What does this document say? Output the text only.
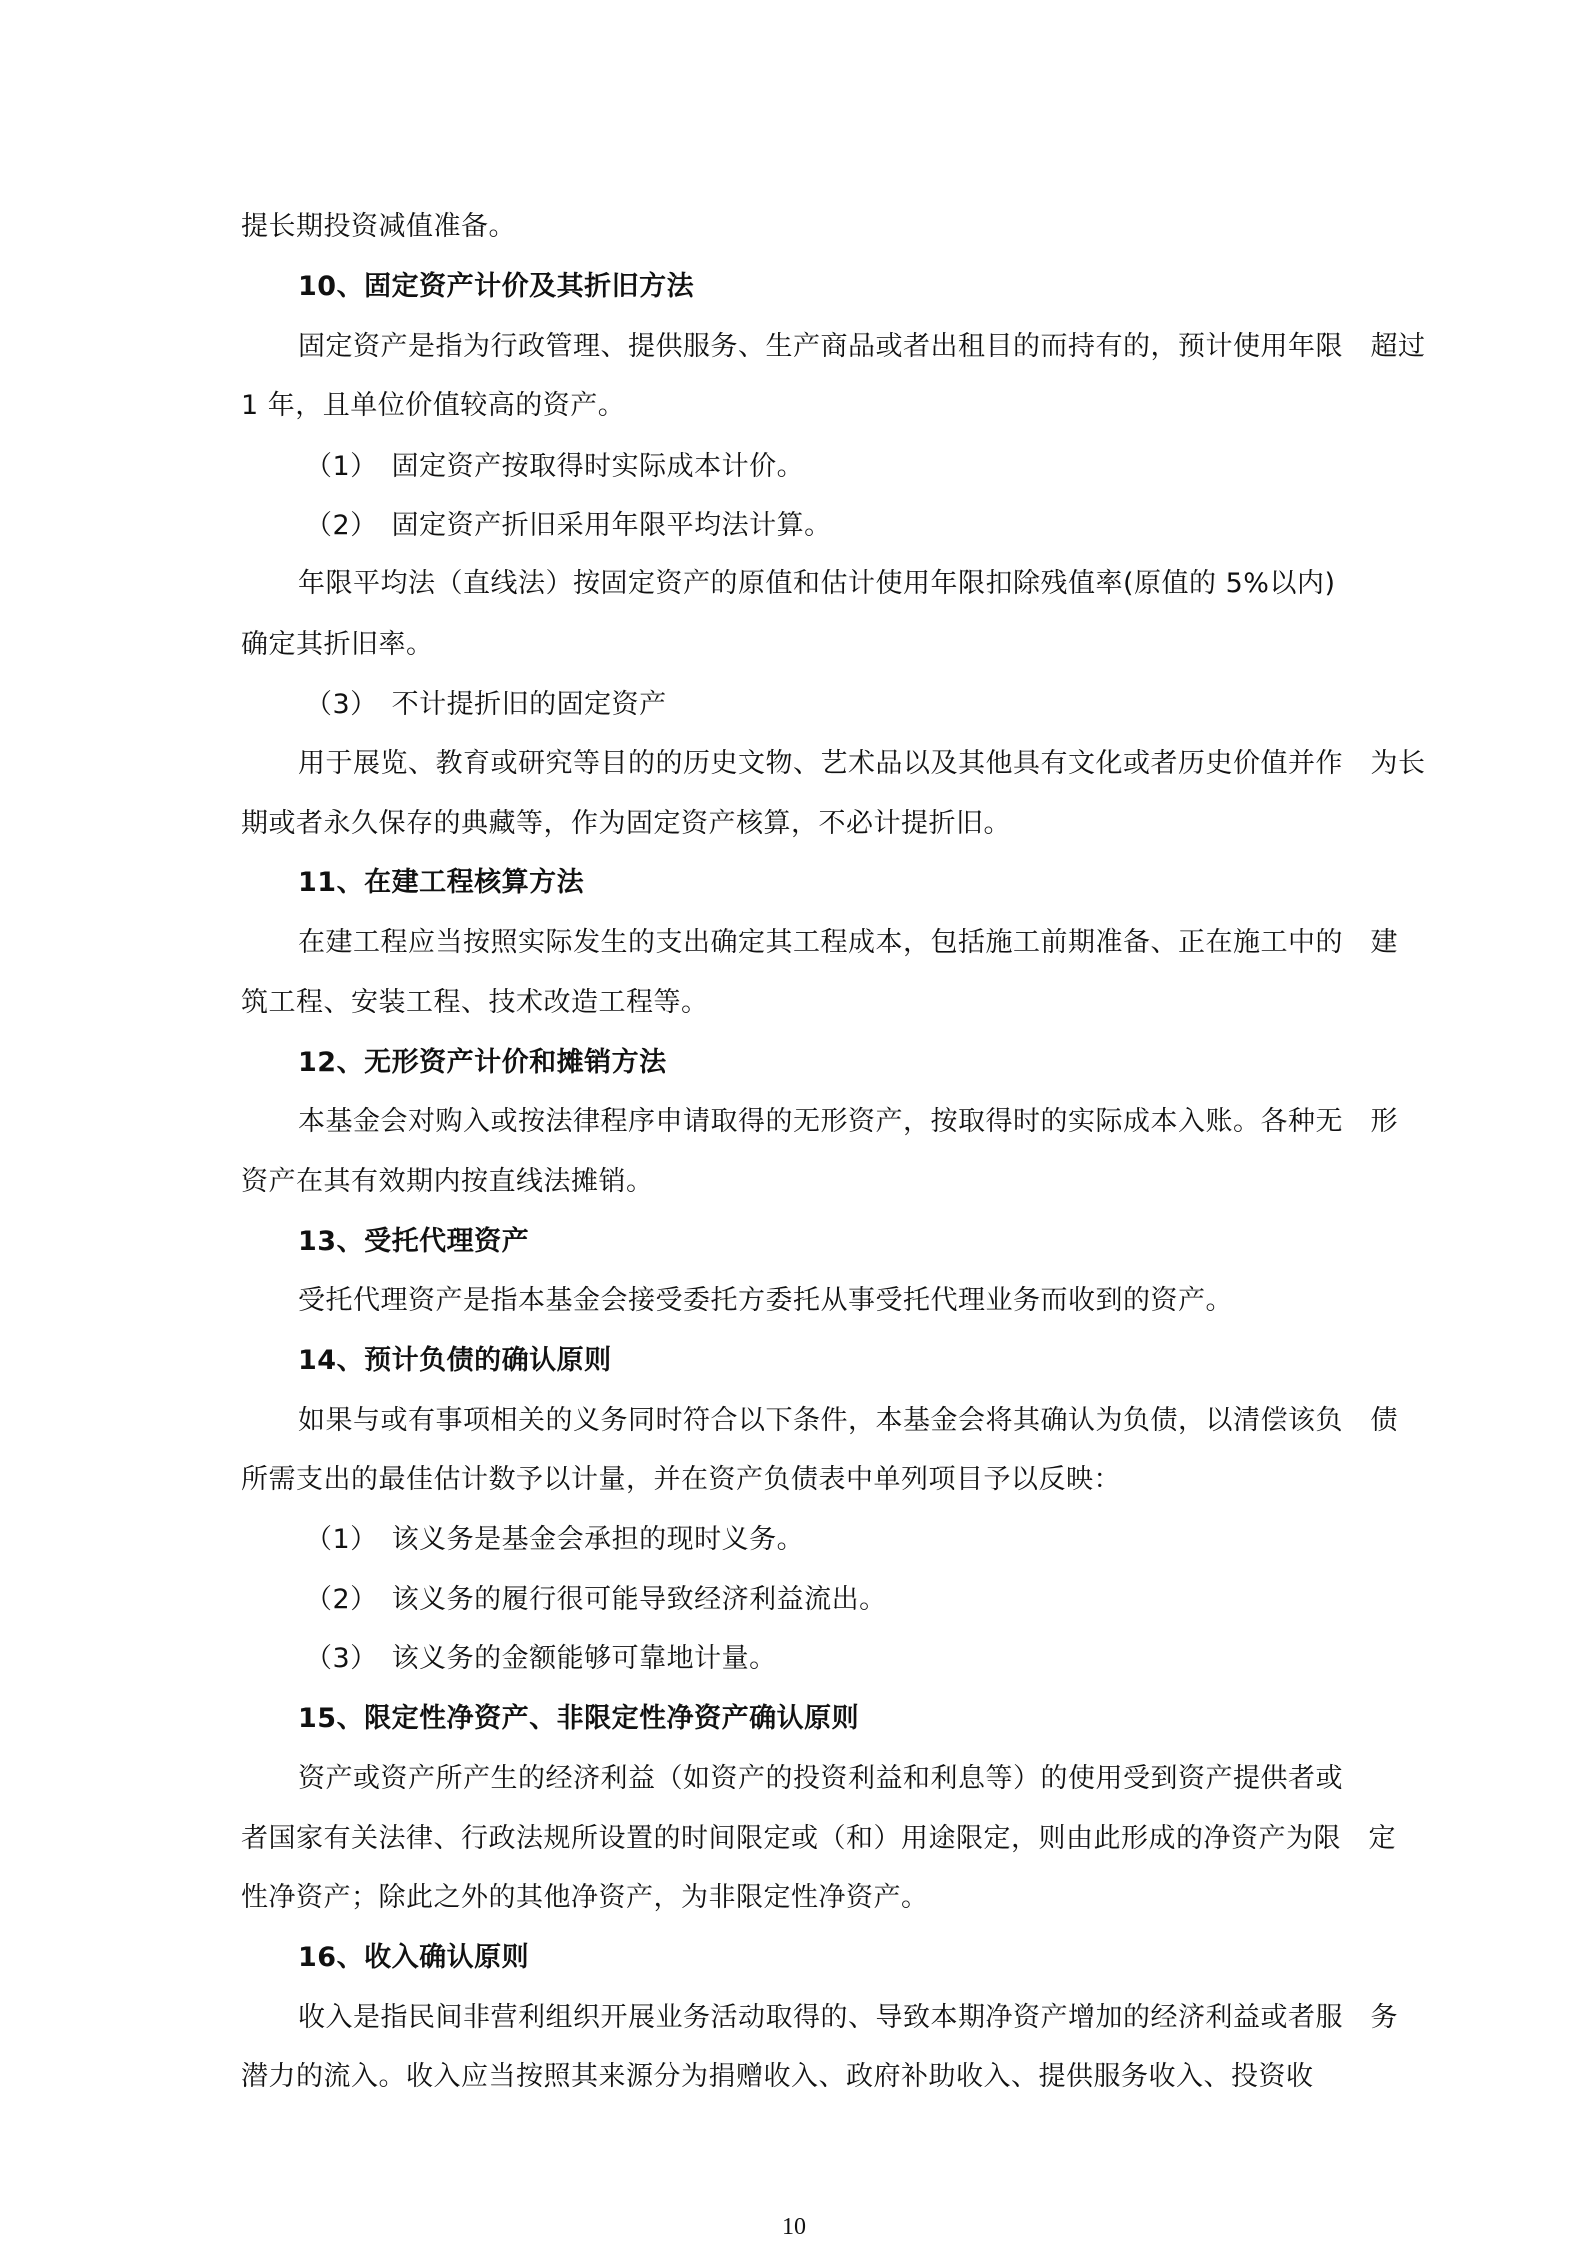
提长期投资减值准备。
10、固定资产计价及其折旧方法
固定资产是指为行政管理、提供服务、生产商品或者出租目的而持有的，预计使用年限　超过
1 年，且单位价值较高的资产。
（1）　固定资产按取得时实际成本计价。
（2）　固定资产折旧采用年限平均法计算。
年限平均法（直线法）按固定资产的原值和估计使用年限扣除残值率(原值的 5%以内)
确定其折旧率。
（3）　不计提折旧的固定资产
用于展览、教育或研究等目的的历史文物、艺术品以及其他具有文化或者历史价值并作　为长
期或者永久保存的典藏等，作为固定资产核算，不必计提折旧。
11、在建工程核算方法
在建工程应当按照实际发生的支出确定其工程成本，包括施工前期准备、正在施工中的　建
筑工程、安装工程、技术改造工程等。
12、无形资产计价和摊销方法
本基金会对购入或按法律程序申请取得的无形资产，按取得时的实际成本入账。各种无　形
资产在其有效期内按直线法摊销。
13、受托代理资产
受托代理资产是指本基金会接受委托方委托从事受托代理业务而收到的资产。
14、预计负债的确认原则
如果与或有事项相关的义务同时符合以下条件，本基金会将其确认为负债，以清偿该负　债
所需支出的最佳估计数予以计量，并在资产负债表中单列项目予以反映：
（1）　该义务是基金会承担的现时义务。
（2）　该义务的履行很可能导致经济利益流出。
（3）　该义务的金额能够可靠地计量。
15、限定性净资产、非限定性净资产确认原则
资产或资产所产生的经济利益（如资产的投资利益和利息等）的使用受到资产提供者或
者国家有关法律、行政法规所设置的时间限定或（和）用途限定，则由此形成的净资产为限　定
性净资产；除此之外的其他净资产，为非限定性净资产。
16、收入确认原则
收入是指民间非营利组织开展业务活动取得的、导致本期净资产增加的经济利益或者服　务
潜力的流入。收入应当按照其来源分为捐赠收入、政府补助收入、提供服务收入、投资收
10
